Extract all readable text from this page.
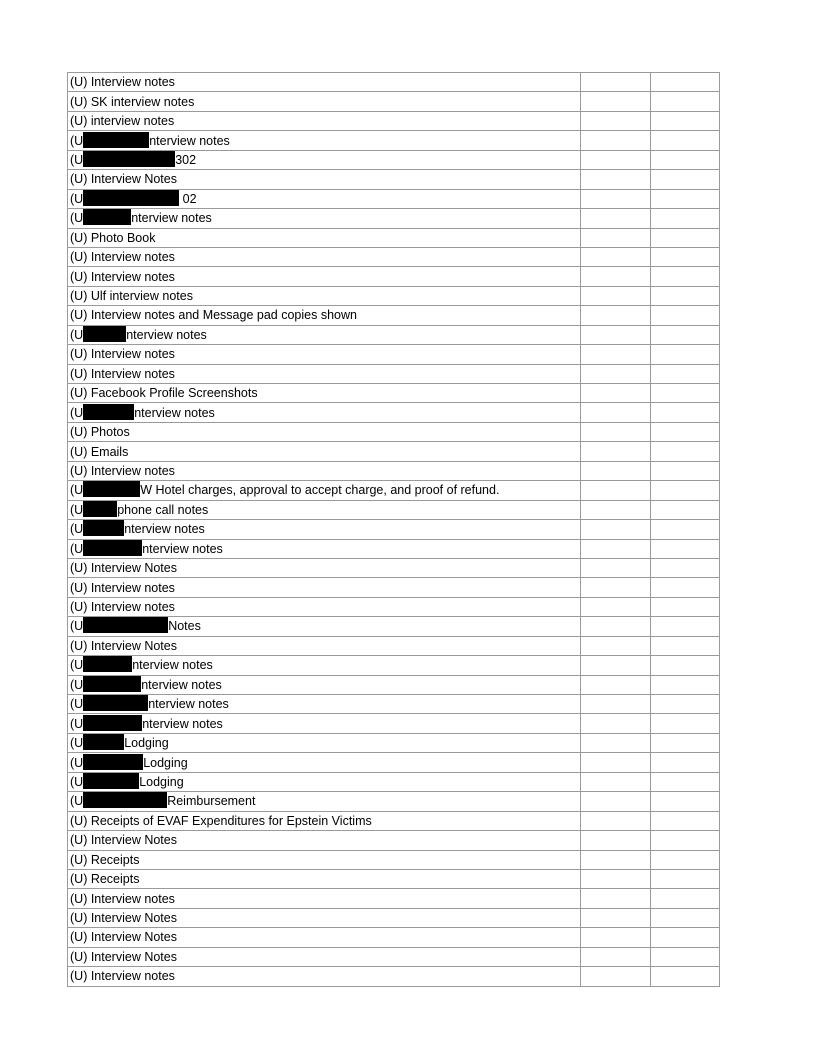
(U) Interview notes		
(U) SK interview notes		
(U) interview notes		
(U nterview notes		
(U 302		
(U) Interview Notes		
(U 02		
(U nterview notes		
(U) Photo Book		
(U) Interview notes		
(U) Interview notes		
(U) Ulf interview notes		
(U) Interview notes and Message pad copies shown		
(U nterview notes		
(U) Interview notes		
(U) Interview notes		
(U) Facebook Profile Screenshots		
(U nterview notes		
(U) Photos		
(U) Emails		
(U) Interview notes		
(U W Hotel charges, approval to accept charge, and proof of refund.		
(U phone call notes		
(U nterview notes		
(U nterview notes		
(U) Interview Notes		
(U) Interview notes		
(U) Interview notes		
(U Notes		
(U) Interview Notes		
(U nterview notes		
(U nterview notes		
(U nterview notes		
(U nterview notes		
(U Lodging		
(U Lodging		
(U Lodging		
(U Reimbursement		
(U) Receipts of EVAF Expenditures for Epstein Victims		
(U) Interview Notes		
(U) Receipts		
(U) Receipts		
(U) Interview notes		
(U) Interview Notes		
(U) Interview Notes		
(U) Interview Notes		
(U) Interview notes		
